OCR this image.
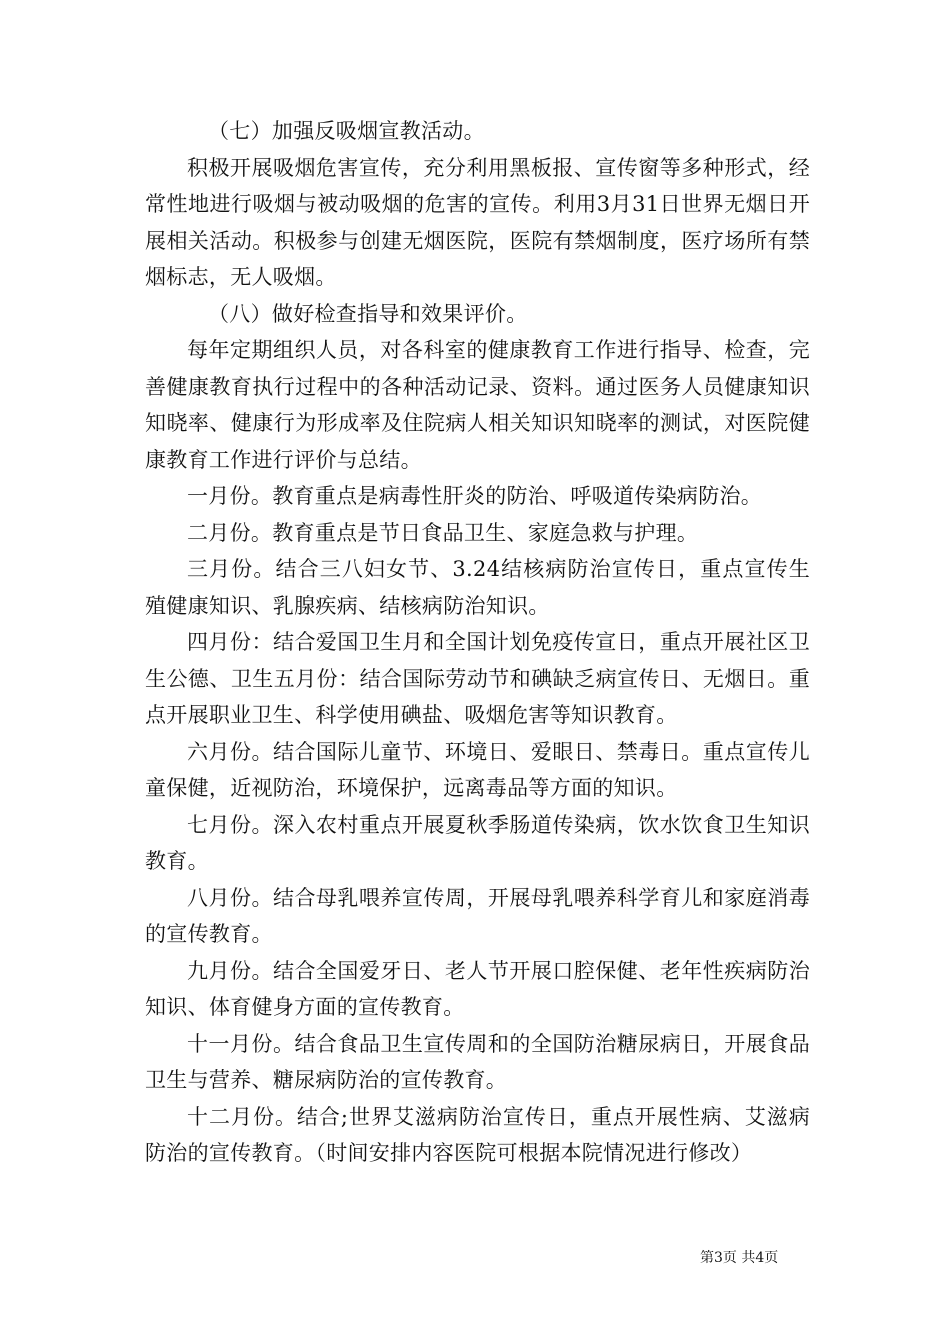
（七）加强反吸烟宣教活动。

积极开展吸烟危害宣传，充分利用黑板报、宣传窗等多种形式，经常性地进行吸烟与被动吸烟的危害的宣传。利用3月31日世界无烟日开展相关活动。积极参与创建无烟医院，医院有禁烟制度，医疗场所有禁烟标志，无人吸烟。

（八）做好检查指导和效果评价。

每年定期组织人员，对各科室的健康教育工作进行指导、检查，完善健康教育执行过程中的各种活动记录、资料。通过医务人员健康知识知晓率、健康行为形成率及住院病人相关知识知晓率的测试，对医院健康教育工作进行评价与总结。

一月份。教育重点是病毒性肝炎的防治、呼吸道传染病防治。

二月份。教育重点是节日食品卫生、家庭急救与护理。

三月份。结合三八妇女节、3.24结核病防治宣传日，重点宣传生殖健康知识、乳腺疾病、结核病防治知识。

四月份：结合爱国卫生月和全国计划免疫传宣日，重点开展社区卫生公德、卫生五月份：结合国际劳动节和碘缺乏病宣传日、无烟日。重点开展职业卫生、科学使用碘盐、吸烟危害等知识教育。

六月份。结合国际儿童节、环境日、爱眼日、禁毒日。重点宣传儿童保健，近视防治，环境保护，远离毒品等方面的知识。

七月份。深入农村重点开展夏秋季肠道传染病，饮水饮食卫生知识教育。

八月份。结合母乳喂养宣传周，开展母乳喂养科学育儿和家庭消毒的宣传教育。

九月份。结合全国爱牙日、老人节开展口腔保健、老年性疾病防治知识、体育健身方面的宣传教育。

十一月份。结合食品卫生宣传周和的全国防治糖尿病日，开展食品卫生与营养、糖尿病防治的宣传教育。

十二月份。结合;世界艾滋病防治宣传日，重点开展性病、艾滋病防治的宣传教育。（时间安排内容医院可根据本院情况进行修改）

第3页 共4页
